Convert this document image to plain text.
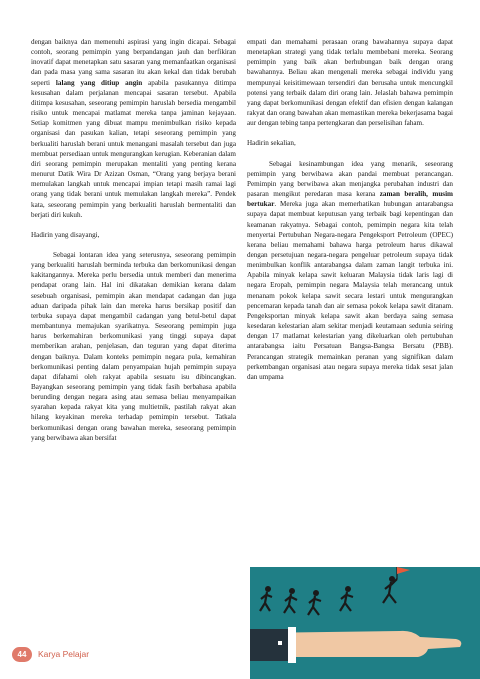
dengan baiknya dan memenuhi aspirasi yang ingin dicapai. Sebagai contoh, seorang pemimpin yang berpandangan jauh dan berfikiran inovatif dapat menetapkan satu sasaran yang memanfaatkan organisasi dan pada masa yang sama sasaran itu akan kekal dan tidak berubah seperti lalang yang ditiup angin apabila pasukannya ditimpa kesusahan dalam perjalanan mencapai sasaran tersebut. Apabila ditimpa kesusahan, seseorang pemimpin haruslah bersedia mengambil risiko untuk mencapai matlamat mereka tanpa jaminan kejayaan. Setiap komitmen yang dibuat mampu menimbulkan risiko kepada organisasi dan pasukan kalian, tetapi seseorang pemimpin yang berkualiti haruslah berani untuk menangani masalah tersebut dan juga membuat persediaan untuk mengurangkan kerugian. Keberanian dalam diri seorang pemimpin merupakan mentaliti yang penting kerana menurut Datik Wira Dr Azizan Osman, “Orang yang berjaya berani memulakan langkah untuk mencapai impian tetapi masih ramai lagi orang yang tidak berani untuk memulakan langkah mereka”. Pendek kata, seseorang pemimpin yang berkualiti haruslah bermentaliti dan berjati diri kukuh.

Hadirin yang disayangi,

Sebagai lontaran idea yang seterusnya, seseorang pemimpin yang berkualiti haruslah berminda terbuka dan berkomunikasi dengan kakitangannya. Mereka perlu bersedia untuk memberi dan menerima pendapat orang lain. Hal ini dikatakan demikian kerana dalam sesebuah organisasi, pemimpin akan mendapat cadangan dan juga aduan daripada pihak lain dan mereka harus bersikap positif dan terbuka supaya dapat mengambil cadangan yang betul-betul dapat membantunya memajukan syarikatnya. Seseorang pemimpin juga harus berkemahiran berkomunikasi yang tinggi supaya dapat memberikan arahan, penjelasan, dan teguran yang dapat diterima dengan baiknya. Dalam konteks pemimpin negara pula, kemahiran berkomunikasi penting dalam penyampaian hujah pemimpin supaya dapat difahami oleh rakyat apabila sesuatu isu dibincangkan. Bayangkan seseorang pemimpin yang tidak fasih berbahasa apabila berunding dengan negara asing atau semasa beliau menyampaikan syarahan kepada rakyat kita yang multietnik, pastilah rakyat akan hilang keyakinan mereka terhadap pemimpin tersebut. Tatkala berkomunikasi dengan orang bawahan mereka, seseorang pemimpin yang berwibawa akan bersifat

empati dan memahami perasaan orang bawahannya supaya dapat menetapkan strategi yang tidak terlalu membebani mereka. Seorang pemimpin yang baik akan berhubungan baik dengan orang bawahannya. Beliau akan mengenali mereka sebagai individu yang mempunyai keisitimewaan tersendiri dan berusaha untuk mencungkil potensi yang terbaik dalam diri orang lain. Jelaslah bahawa pemimpin yang dapat berkomunikasi dengan efektif dan efisien dengan kalangan rakyat dan orang bawahan akan memastikan mereka bekerjasama bagai aur dengan tebing tanpa pertengkaran dan perselisihan faham.

Hadirin sekalian,

Sebagai kesinambungan idea yang menarik, seseorang pemimpin yang berwibawa akan pandai membuat perancangan. Pemimpin yang berwibawa akan menjangka perubahan industri dan pasaran mengikut peredaran masa kerana zaman beralih, musim bertukar. Mereka juga akan memerhatikan hubungan antarabangsa supaya dapat membuat keputusan yang terbaik bagi kepentingan dan keamanan rakyatnya. Sebagai contoh, pemimpin negara kita telah menyertai Pertubuhan Negara-negara Pengeksport Petroleum (OPEC) kerana beliau memahami bahawa harga petroleum harus dikawal dengan persetujuan negara-negara pengeluar petroleum supaya tidak menimbulkan konflik antarabangsa dalam zaman langit terbuka ini. Apabila minyak kelapa sawit keluaran Malaysia tidak laris lagi di negara Eropah, pemimpin negara Malaysia telah merancang untuk menanam pokok kelapa sawit secara lestari untuk mengurangkan pencemaran kepada tanah dan air semasa pokok kelapa sawit ditanam. Pengeksportan minyak kelapa sawit akan berdaya saing semasa kesedaran kelestarian alam sekitar menjadi keutamaan sedunia seiring dengan 17 matlamat kelestarian yang dikeluarkan oleh pertubuhan antarabangsa iaitu Persatuan Bangsa-Bangsa Bersatu (PBB). Perancangan strategik memainkan peranan yang signifikan dalam perkembangan organisasi atau negara supaya mereka tidak sesat jalan dan umpama

44	Karya Pelajar
